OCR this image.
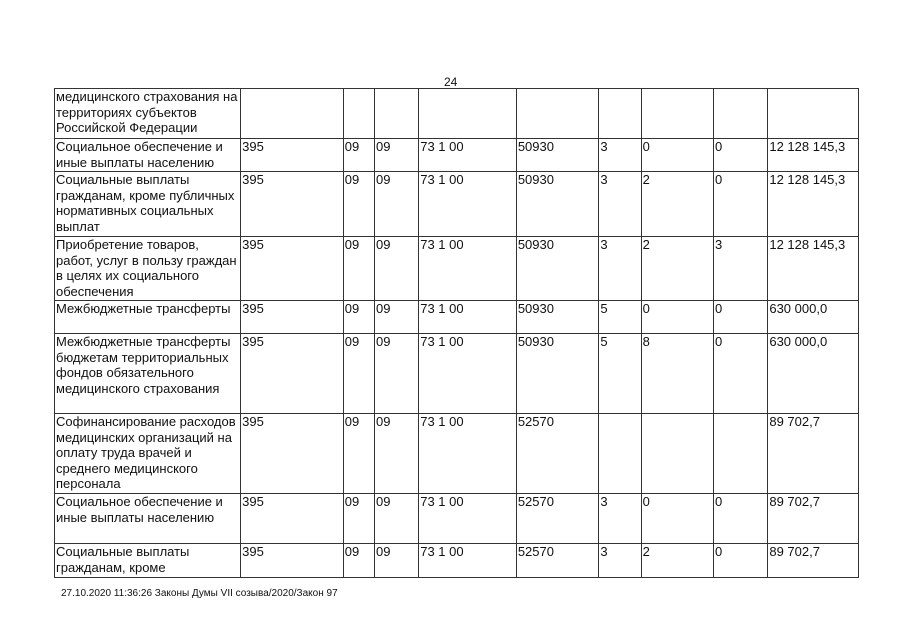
24
медицинского страхования на территориях субъектов Российской Федерации									
Социальное обеспечение и иные выплаты населению	395	09	09	73 1 00	50930	3	0	0	12 128 145,3
Социальные выплаты гражданам, кроме публичных нормативных социальных выплат	395	09	09	73 1 00	50930	3	2	0	12 128 145,3
Приобретение товаров, работ, услуг в пользу граждан в целях их социального обеспечения	395	09	09	73 1 00	50930	3	2	3	12 128 145,3
Межбюджетные трансферты	395	09	09	73 1 00	50930	5	0	0	630 000,0
Межбюджетные трансферты бюджетам территориальных фондов обязательного медицинского страхования	395	09	09	73 1 00	50930	5	8	0	630 000,0
Софинансирование расходов медицинских организаций на оплату труда врачей и среднего медицинского персонала	395	09	09	73 1 00	52570				89 702,7
Социальное обеспечение и иные выплаты населению	395	09	09	73 1 00	52570	3	0	0	89 702,7
Социальные выплаты гражданам, кроме	395	09	09	73 1 00	52570	3	2	0	89 702,7
27.10.2020 11:36:26 Законы Думы VII созыва/2020/Закон 97
